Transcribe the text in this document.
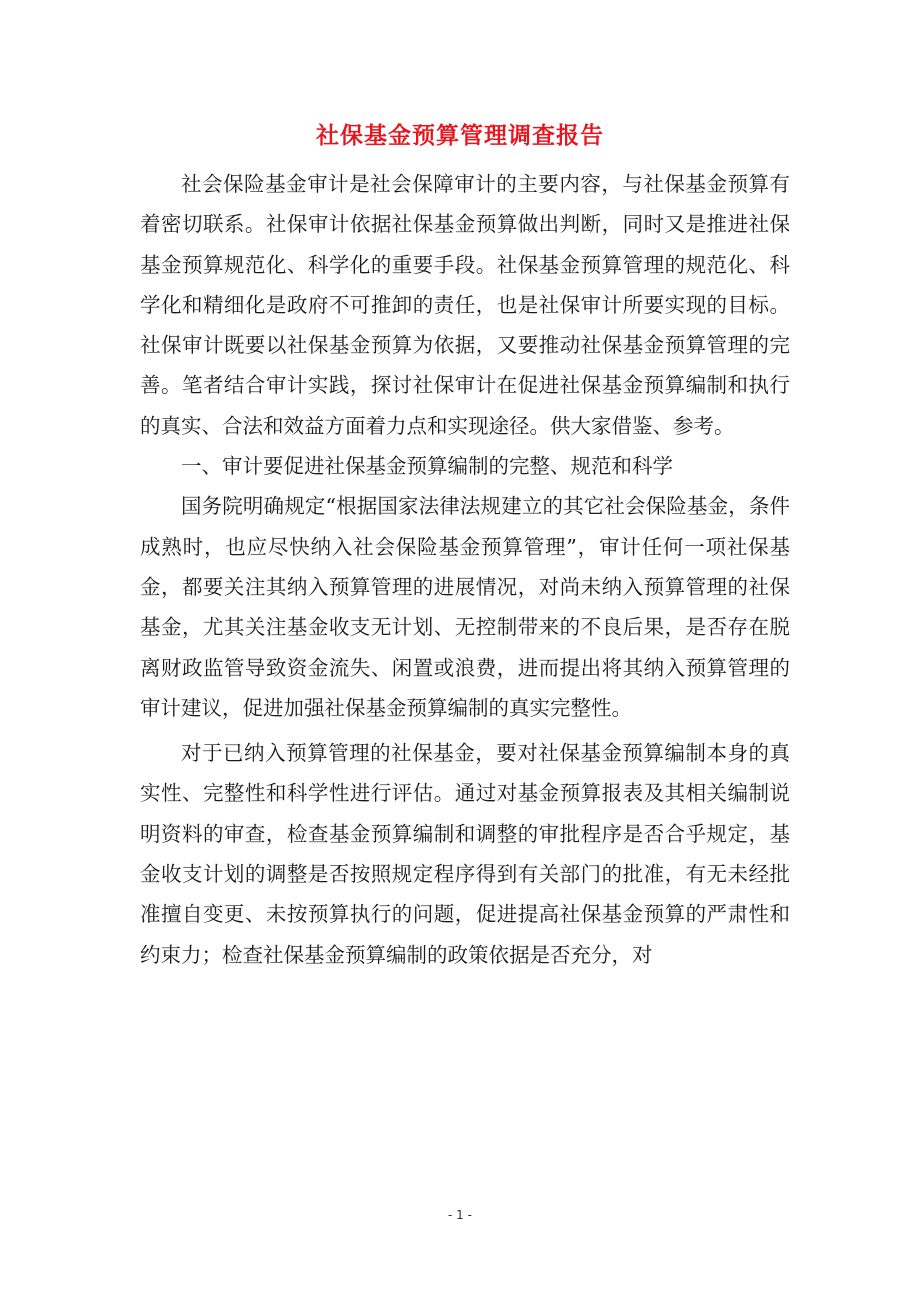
社保基金预算管理调查报告

社会保险基金审计是社会保障审计的主要内容，与社保基金预算有着密切联系。社保审计依据社保基金预算做出判断，同时又是推进社保基金预算规范化、科学化的重要手段。社保基金预算管理的规范化、科学化和精细化是政府不可推卸的责任，也是社保审计所要实现的目标。社保审计既要以社保基金预算为依据，又要推动社保基金预算管理的完善。笔者结合审计实践，探讨社保审计在促进社保基金预算编制和执行的真实、合法和效益方面着力点和实现途径。供大家借鉴、参考。

一、审计要促进社保基金预算编制的完整、规范和科学

国务院明确规定“根据国家法律法规建立的其它社会保险基金，条件成熟时，也应尽快纳入社会保险基金预算管理”，审计任何一项社保基金，都要关注其纳入预算管理的进展情况，对尚未纳入预算管理的社保基金，尤其关注基金收支无计划、无控制带来的不良后果，是否存在脱离财政监管导致资金流失、闲置或浪费，进而提出将其纳入预算管理的审计建议，促进加强社保基金预算编制的真实完整性。

对于已纳入预算管理的社保基金，要对社保基金预算编制本身的真实性、完整性和科学性进行评估。通过对基金预算报表及其相关编制说明资料的审查，检查基金预算编制和调整的审批程序是否合乎规定，基金收支计划的调整是否按照规定程序得到有关部门的批准，有无未经批准擅自变更、未按预算执行的问题，促进提高社保基金预算的严肃性和约束力；检查社保基金预算编制的政策依据是否充分，对

- 1 -
